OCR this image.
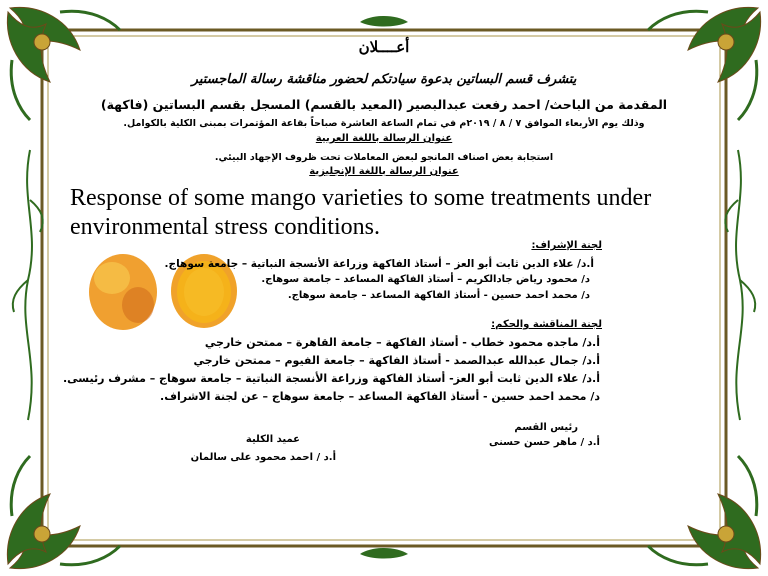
أعــــلان
يتشرف قسم البساتين بدعوة سيادتكم لحضور مناقشة رسالة الماجستير
المقدمة من الباحث/ احمد رفعت عبدالبصير (المعيد بالقسم) المسجل بقسم البساتين (فاكهة)
وذلك يوم الأربعاء الموافق ٧ / ٨ / ٢٠١٩م في تمام الساعة العاشرة صباحاً بقاعة المؤتمرات بمبنى الكلية بالكوامل.
عنوان الرسالة باللغة العربية
استجابة بعض اصناف المانجو لبعض المعاملات تحت ظروف الإجهاد البيئي.
عنوان الرسالة باللغة الإنجليزية
Response of some mango varieties to some treatments under environmental stress conditions.
لجنة الإشراف:
أ.د/ علاء الدين ثابت أبو العز – أستاذ الفاكهة وزراعة الأنسجة النباتية – جامعة سوهاج.
د/ محمود رياض جادالكريم – أستاذ الفاكهة المساعد – جامعة سوهاج.
د/ محمد احمد حسين - أستاذ الفاكهة المساعد – جامعة سوهاج.
لجنة المناقشة والحكم:
أ.د/ ماجده محمود خطاب - أستاذ الفاكهة – جامعة القاهرة – ممتحن خارجي
أ.د/ جمال عبدالله عبدالصمد - أستاذ الفاكهة – جامعة الفيوم – ممتحن خارجي
أ.د/ علاء الدين ثابت أبو العز- أستاذ الفاكهة وزراعة الأنسجة النباتية – جامعة سوهاج – مشرف رئيسى.
د/ محمد احمد حسين - أستاذ الفاكهة المساعد – جامعة سوهاج – عن لجنة الاشراف.
رئيس القسم
أ.د / ماهر حسن حسنى
عميد الكلية
أ.د / احمد محمود على سالمان
